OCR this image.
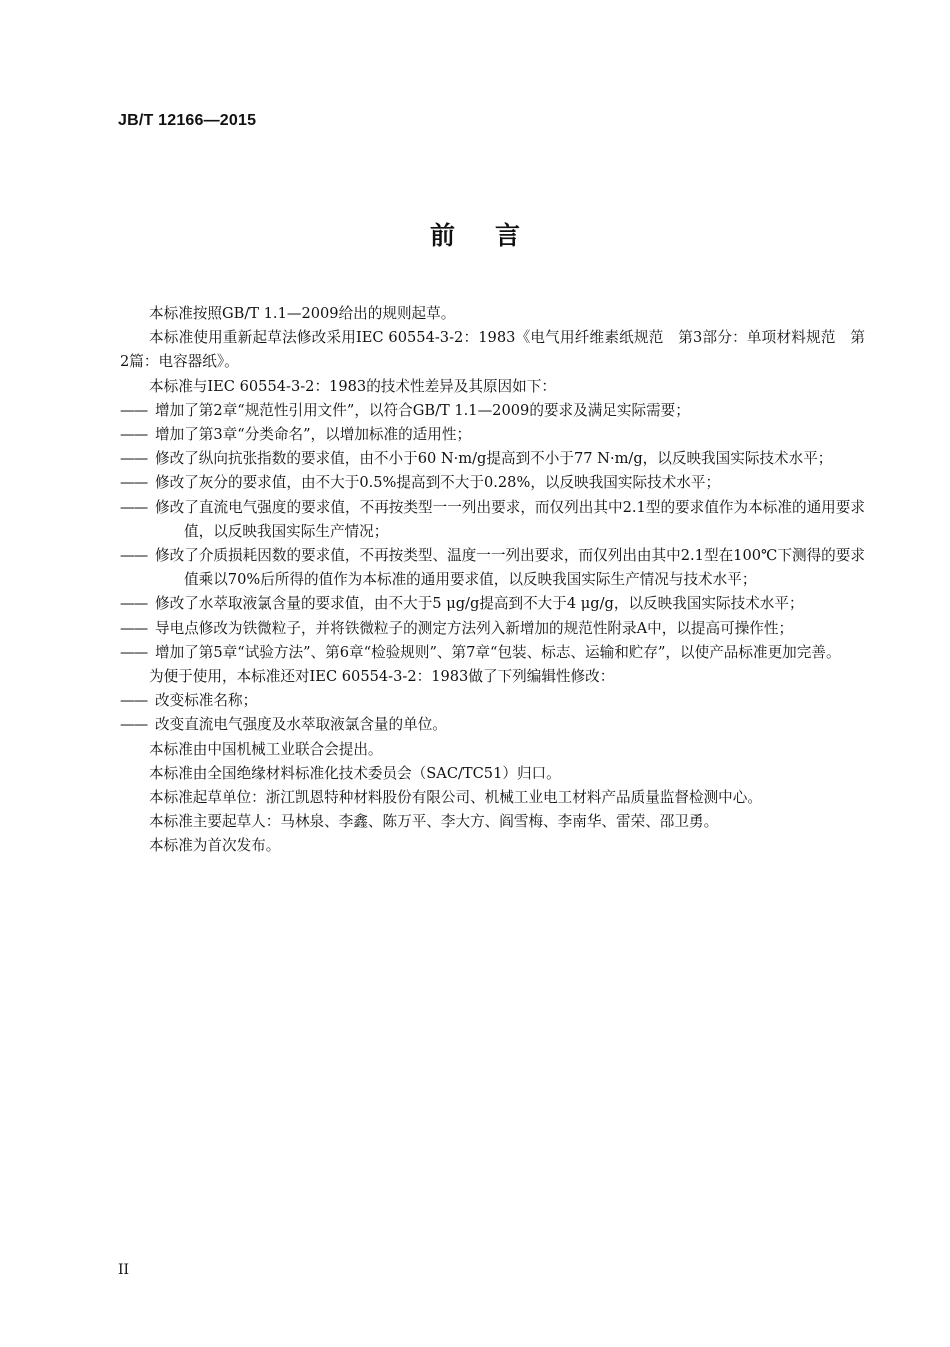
JB/T 12166—2015
前 言
本标准按照GB/T 1.1—2009给出的规则起草。
本标准使用重新起草法修改采用IEC 60554-3-2：1983《电气用纤维素纸规范　第3部分：单项材料规范　第2篇：电容器纸》。
本标准与IEC 60554-3-2：1983的技术性差异及其原因如下：
—— 增加了第2章“规范性引用文件”，以符合GB/T 1.1—2009的要求及满足实际需要；
—— 增加了第3章“分类命名”，以增加标准的适用性；
—— 修改了纵向抗张指数的要求值，由不小于60 N·m/g提高到不小于77 N·m/g，以反映我国实际技术水平；
—— 修改了灰分的要求值，由不大于0.5%提高到不大于0.28%，以反映我国实际技术水平；
—— 修改了直流电气强度的要求值，不再按类型一一列出要求，而仅列出其中2.1型的要求值作为本标准的通用要求值，以反映我国实际生产情况；
—— 修改了介质损耗因数的要求值，不再按类型、温度一一列出要求，而仅列出由其中2.1型在100℃下测得的要求值乘以70%后所得的值作为本标准的通用要求值，以反映我国实际生产情况与技术水平；
—— 修改了水萃取液氯含量的要求值，由不大于5 μg/g提高到不大于4 μg/g，以反映我国实际技术水平；
—— 导电点修改为铁微粒子，并将铁微粒子的测定方法列入新增加的规范性附录A中，以提高可操作性；
—— 增加了第5章“试验方法”、第6章“检验规则”、第7章“包装、标志、运输和贮存”，以使产品标准更加完善。
为便于使用，本标准还对IEC 60554-3-2：1983做了下列编辑性修改：
—— 改变标准名称；
—— 改变直流电气强度及水萃取液氯含量的单位。
本标准由中国机械工业联合会提出。
本标准由全国绝缘材料标准化技术委员会（SAC/TC51）归口。
本标准起草单位：浙江凯恩特种材料股份有限公司、机械工业电工材料产品质量监督检测中心。
本标准主要起草人：马林泉、李鑫、陈万平、李大方、阎雪梅、李南华、雷荣、邵卫勇。
本标准为首次发布。
II
